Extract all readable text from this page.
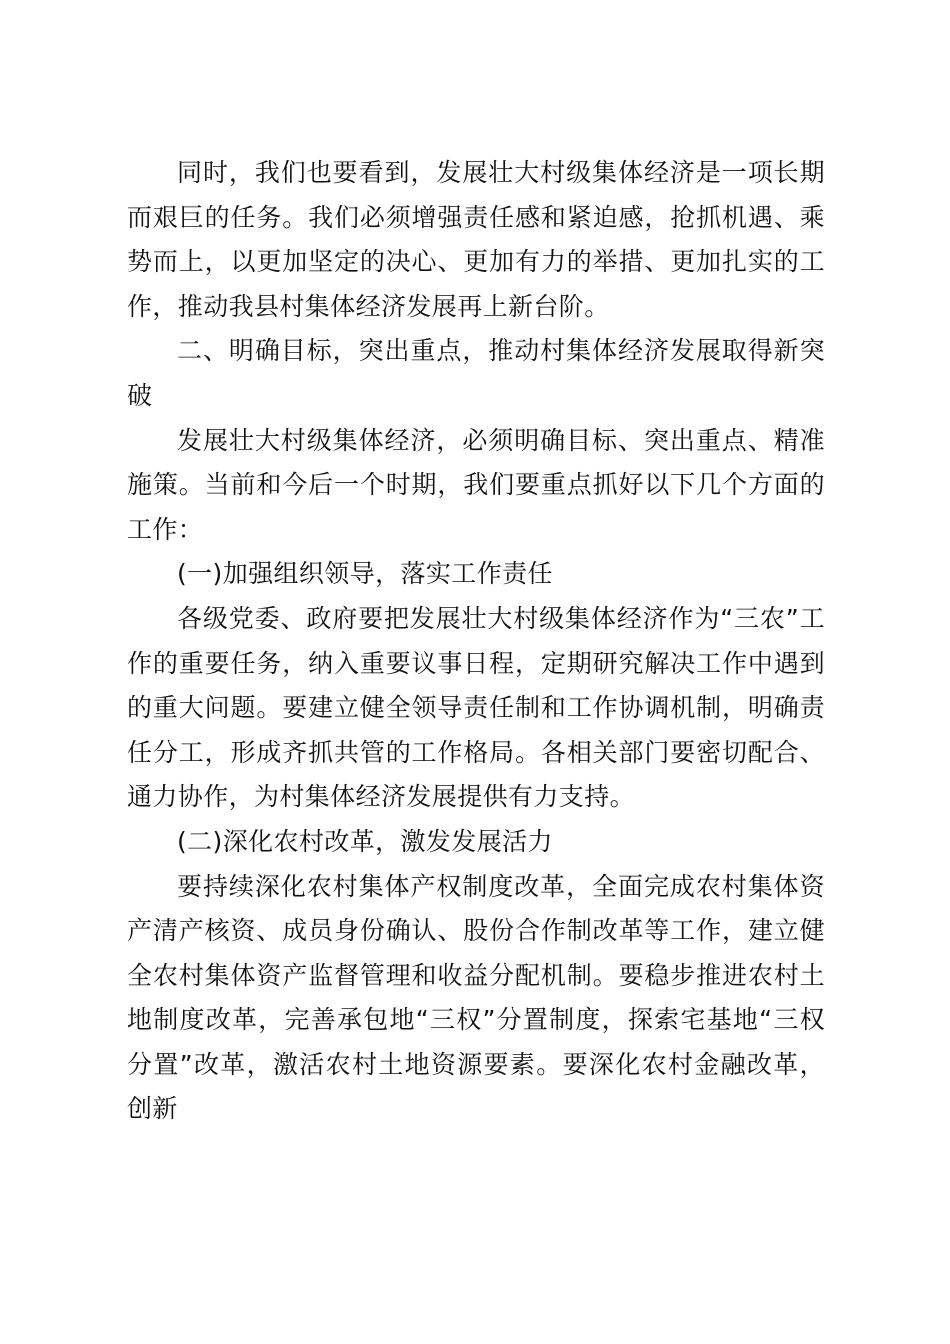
同时，我们也要看到，发展壮大村级集体经济是一项长期而艰巨的任务。我们必须增强责任感和紧迫感，抢抓机遇、乘势而上，以更加坚定的决心、更加有力的举措、更加扎实的工作，推动我县村集体经济发展再上新台阶。

二、明确目标，突出重点，推动村集体经济发展取得新突破

发展壮大村级集体经济，必须明确目标、突出重点、精准施策。当前和今后一个时期，我们要重点抓好以下几个方面的工作：

(一)加强组织领导，落实工作责任

各级党委、政府要把发展壮大村级集体经济作为“三农”工作的重要任务，纳入重要议事日程，定期研究解决工作中遇到的重大问题。要建立健全领导责任制和工作协调机制，明确责任分工，形成齐抓共管的工作格局。各相关部门要密切配合、通力协作，为村集体经济发展提供有力支持。

(二)深化农村改革，激发发展活力

要持续深化农村集体产权制度改革，全面完成农村集体资产清产核资、成员身份确认、股份合作制改革等工作，建立健全农村集体资产监督管理和收益分配机制。要稳步推进农村土地制度改革，完善承包地“三权”分置制度，探索宅基地“三权分置”改革，激活农村土地资源要素。要深化农村金融改革，创新
